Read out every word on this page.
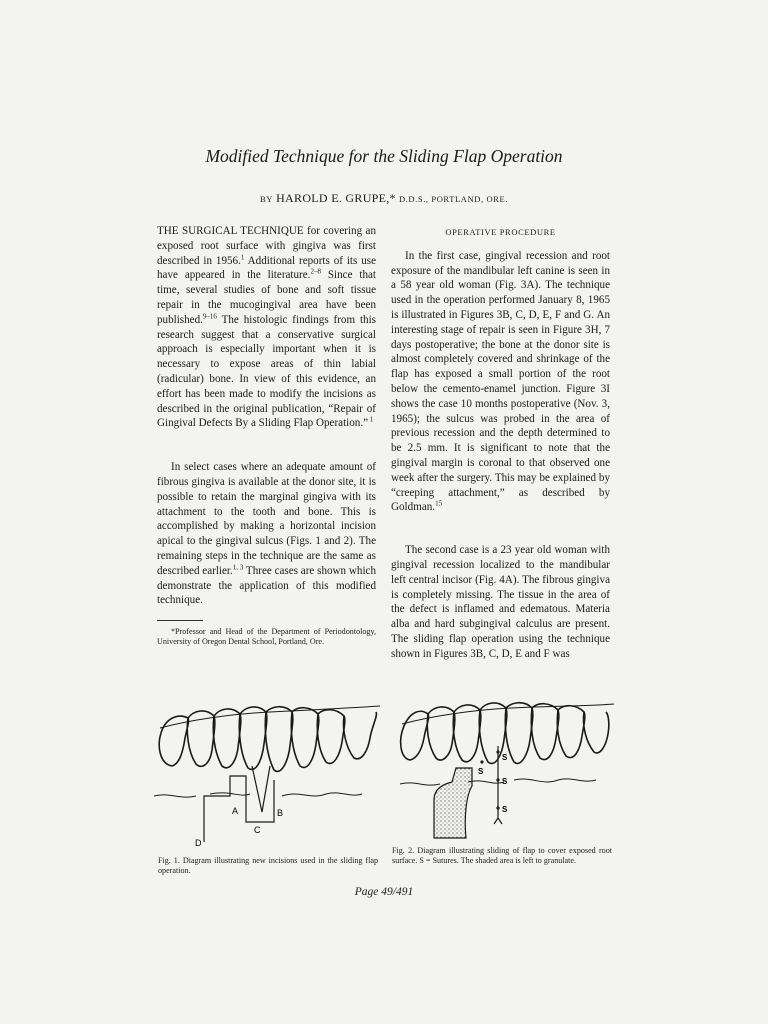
Modified Technique for the Sliding Flap Operation
BY HAROLD E. GRUPE,* D.D.S., PORTLAND, ORE.

THE SURGICAL TECHNIQUE for covering an exposed root surface with gingiva was first described in 1956.$^1$ Additional reports of its use have appeared in the literature.$^{2-8}$ Since that time, several studies of bone and soft tissue repair in the mucogingival area have been published.$^{9-16}$ The histologic findings from this research suggest that a conservative surgical approach is especially important when it is necessary to expose areas of thin labial (radicular) bone. In view of this evidence, an effort has been made to modify the incisions as described in the original publication, “Repair of Gingival Defects By a Sliding Flap Operation.” $^1$

In select cases where an adequate amount of fibrous gingiva is available at the donor site, it is possible to retain the marginal gingiva with its attachment to the tooth and bone. This is accomplished by making a horizontal incision apical to the gingival sulcus (Figs. 1 and 2). The remaining steps in the technique are the same as described earlier.$^{1, 3}$ Three cases are shown which demonstrate the application of this modified technique.

*Professor and Head of the Department of Periodontology, University of Oregon Dental School, Portland, Ore.

OPERATIVE PROCEDURE

In the first case, gingival recession and root exposure of the mandibular left canine is seen in a 58 year old woman (Fig. 3A). The technique used in the operation performed January 8, 1965 is illustrated in Figures 3B, C, D, E, F and G. An interesting stage of repair is seen in Figure 3H, 7 days postoperative; the bone at the donor site is almost completely covered and shrinkage of the flap has exposed a small portion of the root below the cemento-enamel junction. Figure 3I shows the case 10 months postoperative (Nov. 3, 1965); the sulcus was probed in the area of previous recession and the depth determined to be 2.5 mm. It is significant to note that the gingival margin is coronal to that observed one week after the surgery. This may be explained by “creeping attachment,” as described by Goldman.$^{15}$

The second case is a 23 year old woman with gingival recession localized to the mandibular left central incisor (Fig. 4A). The fibrous gingiva is completely missing. The tissue in the area of the defect is inflamed and edematous. Materia alba and hard subgingival calculus are present. The sliding flap operation using the technique shown in Figures 3B, C, D, E and F was

A	B
C
D
Fig. 1. Diagram illustrating new incisions used in the sliding flap operation.
S
S
S
S
Fig. 2. Diagram illustrating sliding of flap to cover exposed root surface. S = Sutures. The shaded area is left to granulate.
Page 49/491
